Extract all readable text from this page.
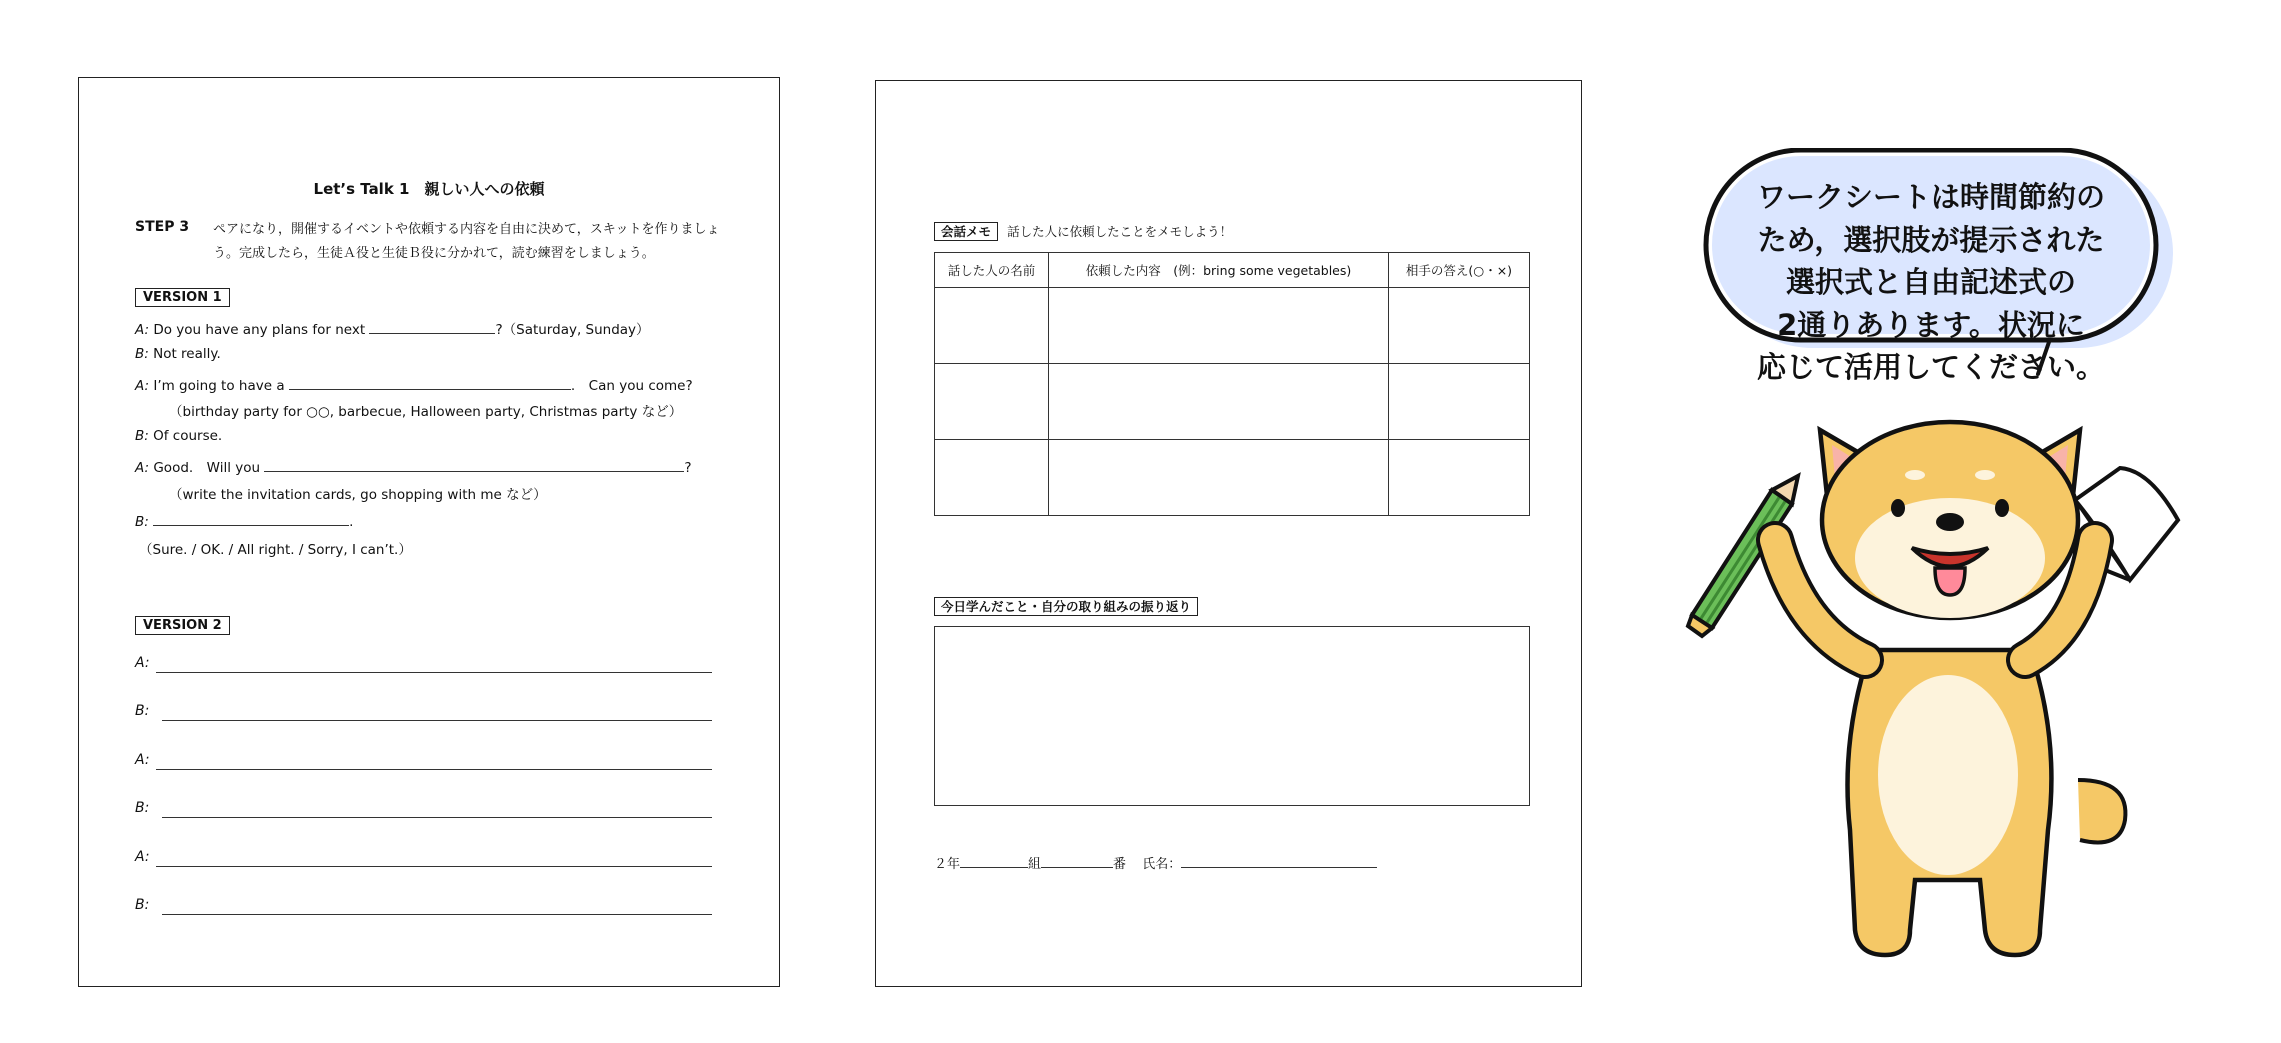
Let’s Talk 1　親しい人への依頼
STEP 3 ペアになり，開催するイベントや依頼する内容を自由に決めて，スキットを作りましょう。完成したら，生徒Ａ役と生徒Ｂ役に分かれて，読む練習をしましょう。
VERSION 1
A: Do you have any plans for next	?（Saturday, Sunday）
B: Not really.
A: I’m going to have a	.　Can you come?
（birthday party for ○○, barbecue, Halloween party, Christmas party など）
B: Of course.
A: Good.　Will you	?
（write the invitation cards, go shopping with me など）
B:	.
（Sure. / OK. / All right. / Sorry, I can’t.）
VERSION 2
A:
B:
A:
B:
A:
B:
会話メモ 話した人に依頼したことをメモしよう！
話した人の名前	依頼した内容　(例：bring some vegetables)	相手の答え(○・×)

今日学んだこと・自分の取り組みの振り返り
２年	組	番 氏名：
ワークシートは時間節約の
ため，選択肢が提示された
選択式と自由記述式の
2通りあります。状況に
応じて活用してください。
